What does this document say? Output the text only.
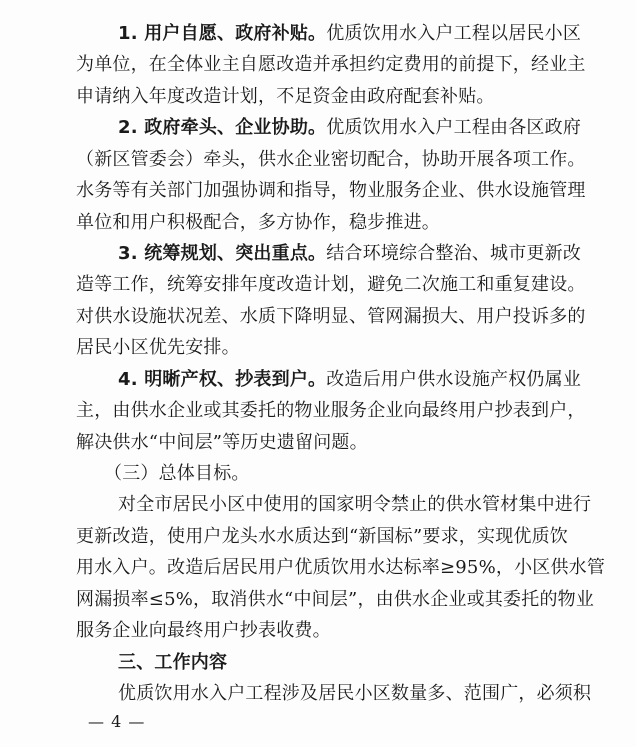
1. 用户自愿、政府补贴。优质饮用水入户工程以居民小区
为单位，在全体业主自愿改造并承担约定费用的前提下，经业主
申请纳入年度改造计划，不足资金由政府配套补贴。
2. 政府牵头、企业协助。优质饮用水入户工程由各区政府
（新区管委会）牵头，供水企业密切配合，协助开展各项工作。
水务等有关部门加强协调和指导，物业服务企业、供水设施管理
单位和用户积极配合，多方协作，稳步推进。
3. 统筹规划、突出重点。结合环境综合整治、城市更新改
造等工作，统筹安排年度改造计划，避免二次施工和重复建设。
对供水设施状况差、水质下降明显、管网漏损大、用户投诉多的
居民小区优先安排。
4. 明晰产权、抄表到户。改造后用户供水设施产权仍属业
主，由供水企业或其委托的物业服务企业向最终用户抄表到户，
解决供水“中间层”等历史遗留问题。
（三）总体目标。
对全市居民小区中使用的国家明令禁止的供水管材集中进行
更新改造，使用户龙头水水质达到“新国标”要求，实现优质饮
用水入户。改造后居民用户优质饮用水达标率≥95%，小区供水管
网漏损率≤5%，取消供水“中间层”，由供水企业或其委托的物业
服务企业向最终用户抄表收费。
三、工作内容
优质饮用水入户工程涉及居民小区数量多、范围广，必须积
— 4 —
